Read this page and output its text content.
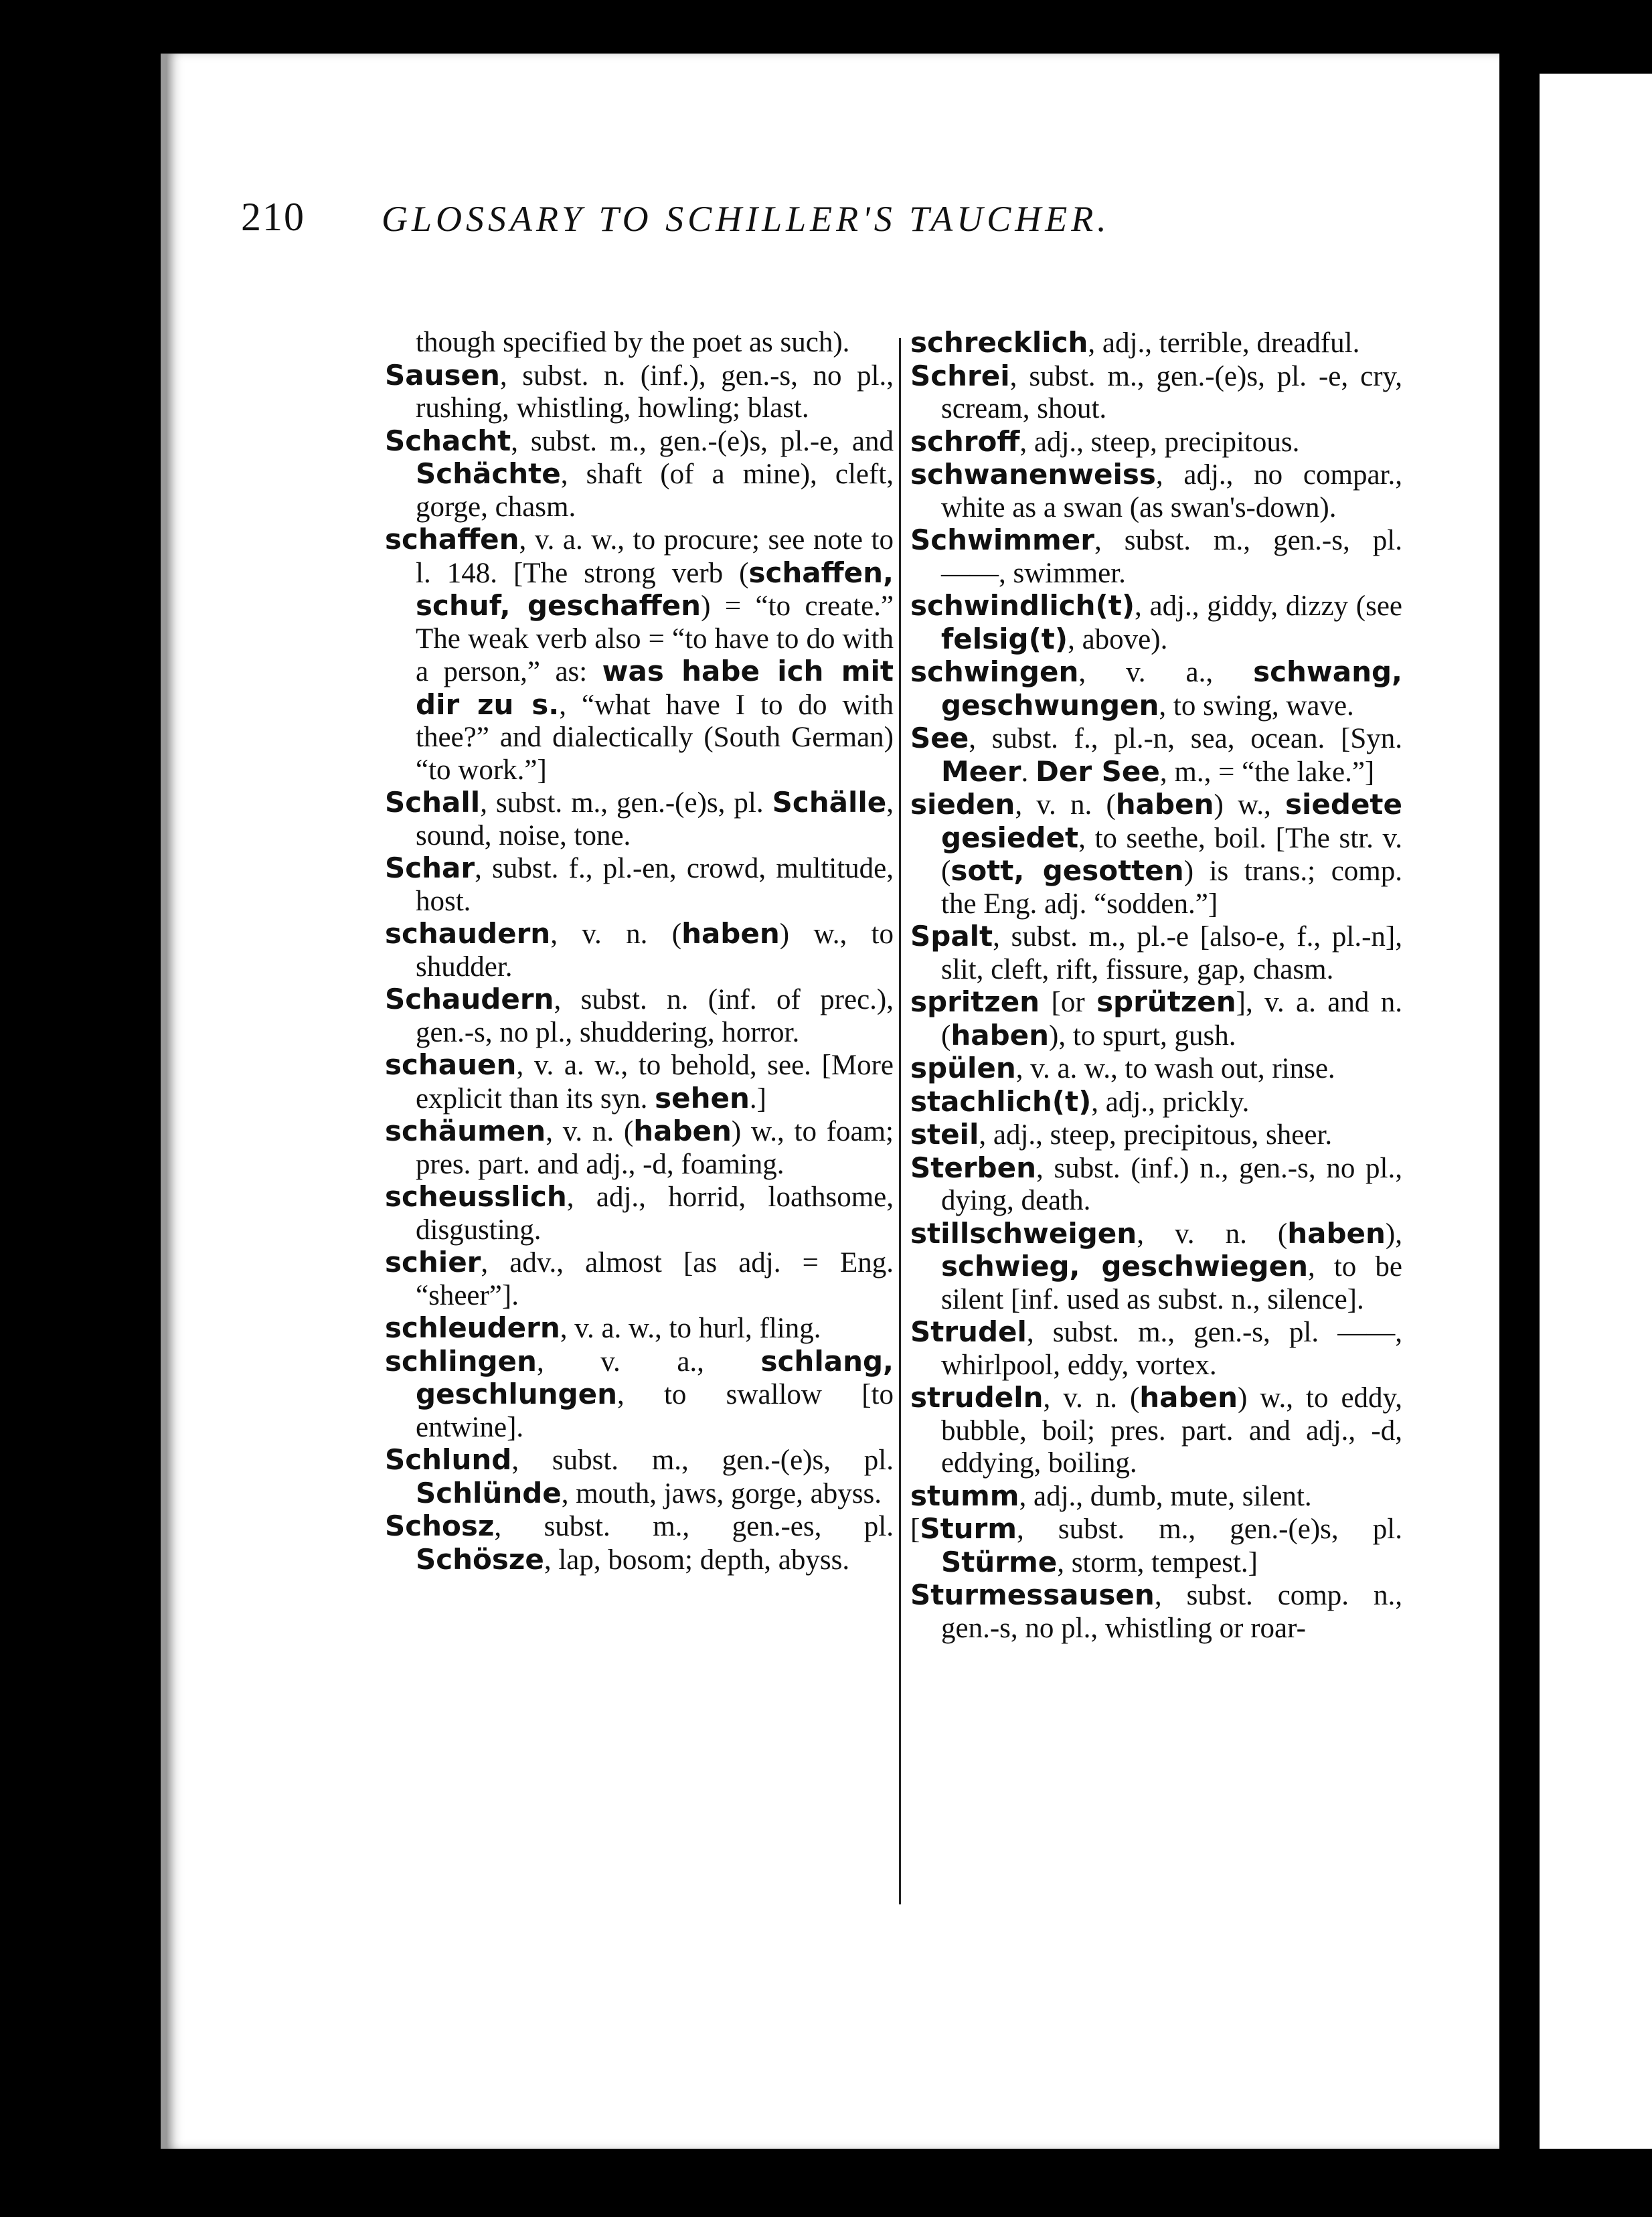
210 GLOSSARY TO SCHILLER'S TAUCHER.

though specified by the poet as such).

Sausen, subst. n. (inf.), gen.-s, no pl., rushing, whistling, howling; blast.

Schacht, subst. m., gen.-(e)s, pl.-e, and Schächte, shaft (of a mine), cleft, gorge, chasm.

schaffen, v. a. w., to procure; see note to l. 148. [The strong verb (schaffen, schuf, geschaffen) = “to create.” The weak verb also = “to have to do with a person,” as: was habe ich mit dir zu s., “what have I to do with thee?” and dialectically (South German) “to work.”]

Schall, subst. m., gen.-(e)s, pl. Schälle, sound, noise, tone.

Schar, subst. f., pl.-en, crowd, multitude, host.

schaudern, v. n. (haben) w., to shudder.

Schaudern, subst. n. (inf. of prec.), gen.-s, no pl., shuddering, horror.

schauen, v. a. w., to behold, see. [More explicit than its syn. sehen.]

schäumen, v. n. (haben) w., to foam; pres. part. and adj., -d, foaming.

scheusslich, adj., horrid, loathsome, disgusting.

schier, adv., almost [as adj. = Eng. “sheer”].

schleudern, v. a. w., to hurl, fling.

schlingen, v. a., schlang, geschlungen, to swallow [to entwine].

Schlund, subst. m., gen.-(e)s, pl. Schlünde, mouth, jaws, gorge, abyss.

Schosz, subst. m., gen.-es, pl. Schösze, lap, bosom; depth, abyss.

schrecklich, adj., terrible, dreadful.

Schrei, subst. m., gen.-(e)s, pl. -e, cry, scream, shout.

schroff, adj., steep, precipitous.

schwanenweiss, adj., no compar., white as a swan (as swan's-down).

Schwimmer, subst. m., gen.-s, pl.——, swimmer.

schwindlich(t), adj., giddy, dizzy (see felsig(t), above).

schwingen, v. a., schwang, geschwungen, to swing, wave.

See, subst. f., pl.-n, sea, ocean. [Syn. Meer. Der See, m., = “the lake.”]

sieden, v. n. (haben) w., siedete gesiedet, to seethe, boil. [The str. v. (sott, gesotten) is trans.; comp. the Eng. adj. “sodden.”]

Spalt, subst. m., pl.-e [also-e, f., pl.-n], slit, cleft, rift, fissure, gap, chasm.

spritzen [or sprützen], v. a. and n. (haben), to spurt, gush.

spülen, v. a. w., to wash out, rinse.

stachlich(t), adj., prickly.

steil, adj., steep, precipitous, sheer.

Sterben, subst. (inf.) n., gen.-s, no pl., dying, death.

stillschweigen, v. n. (haben), schwieg, geschwiegen, to be silent [inf. used as subst. n., silence].

Strudel, subst. m., gen.-s, pl. ——, whirlpool, eddy, vortex.

strudeln, v. n. (haben) w., to eddy, bubble, boil; pres. part. and adj., -d, eddying, boiling.

stumm, adj., dumb, mute, silent.

[Sturm, subst. m., gen.-(e)s, pl. Stürme, storm, tempest.]

Sturmessausen, subst. comp. n., gen.-s, no pl., whistling or roar-
